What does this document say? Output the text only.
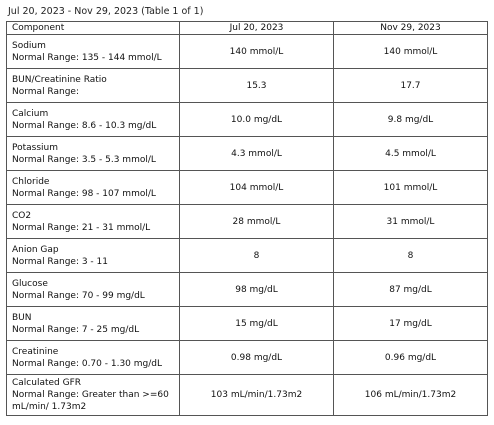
Jul 20, 2023 - Nov 29, 2023 (Table 1 of 1)
Component	Jul 20, 2023	Nov 29, 2023

Sodium
Normal Range: 135 - 144 mmol/L	140 mmol/L	140 mmol/L

BUN/Creatinine Ratio
Normal Range:	15.3	17.7

Calcium
Normal Range: 8.6 - 10.3 mg/dL	10.0 mg/dL	9.8 mg/dL

Potassium
Normal Range: 3.5 - 5.3 mmol/L	4.3 mmol/L	4.5 mmol/L

Chloride
Normal Range: 98 - 107 mmol/L	104 mmol/L	101 mmol/L

CO2
Normal Range: 21 - 31 mmol/L	28 mmol/L	31 mmol/L

Anion Gap
Normal Range: 3 - 11	8	8

Glucose
Normal Range: 70 - 99 mg/dL	98 mg/dL	87 mg/dL

BUN
Normal Range: 7 - 25 mg/dL	15 mg/dL	17 mg/dL

Creatinine
Normal Range: 0.70 - 1.30 mg/dL	0.98 mg/dL	0.96 mg/dL

Calculated GFR
Normal Range: Greater than >=60 mL/min/ 1.73m2	103 mL/min/1.73m2	106 mL/min/1.73m2
